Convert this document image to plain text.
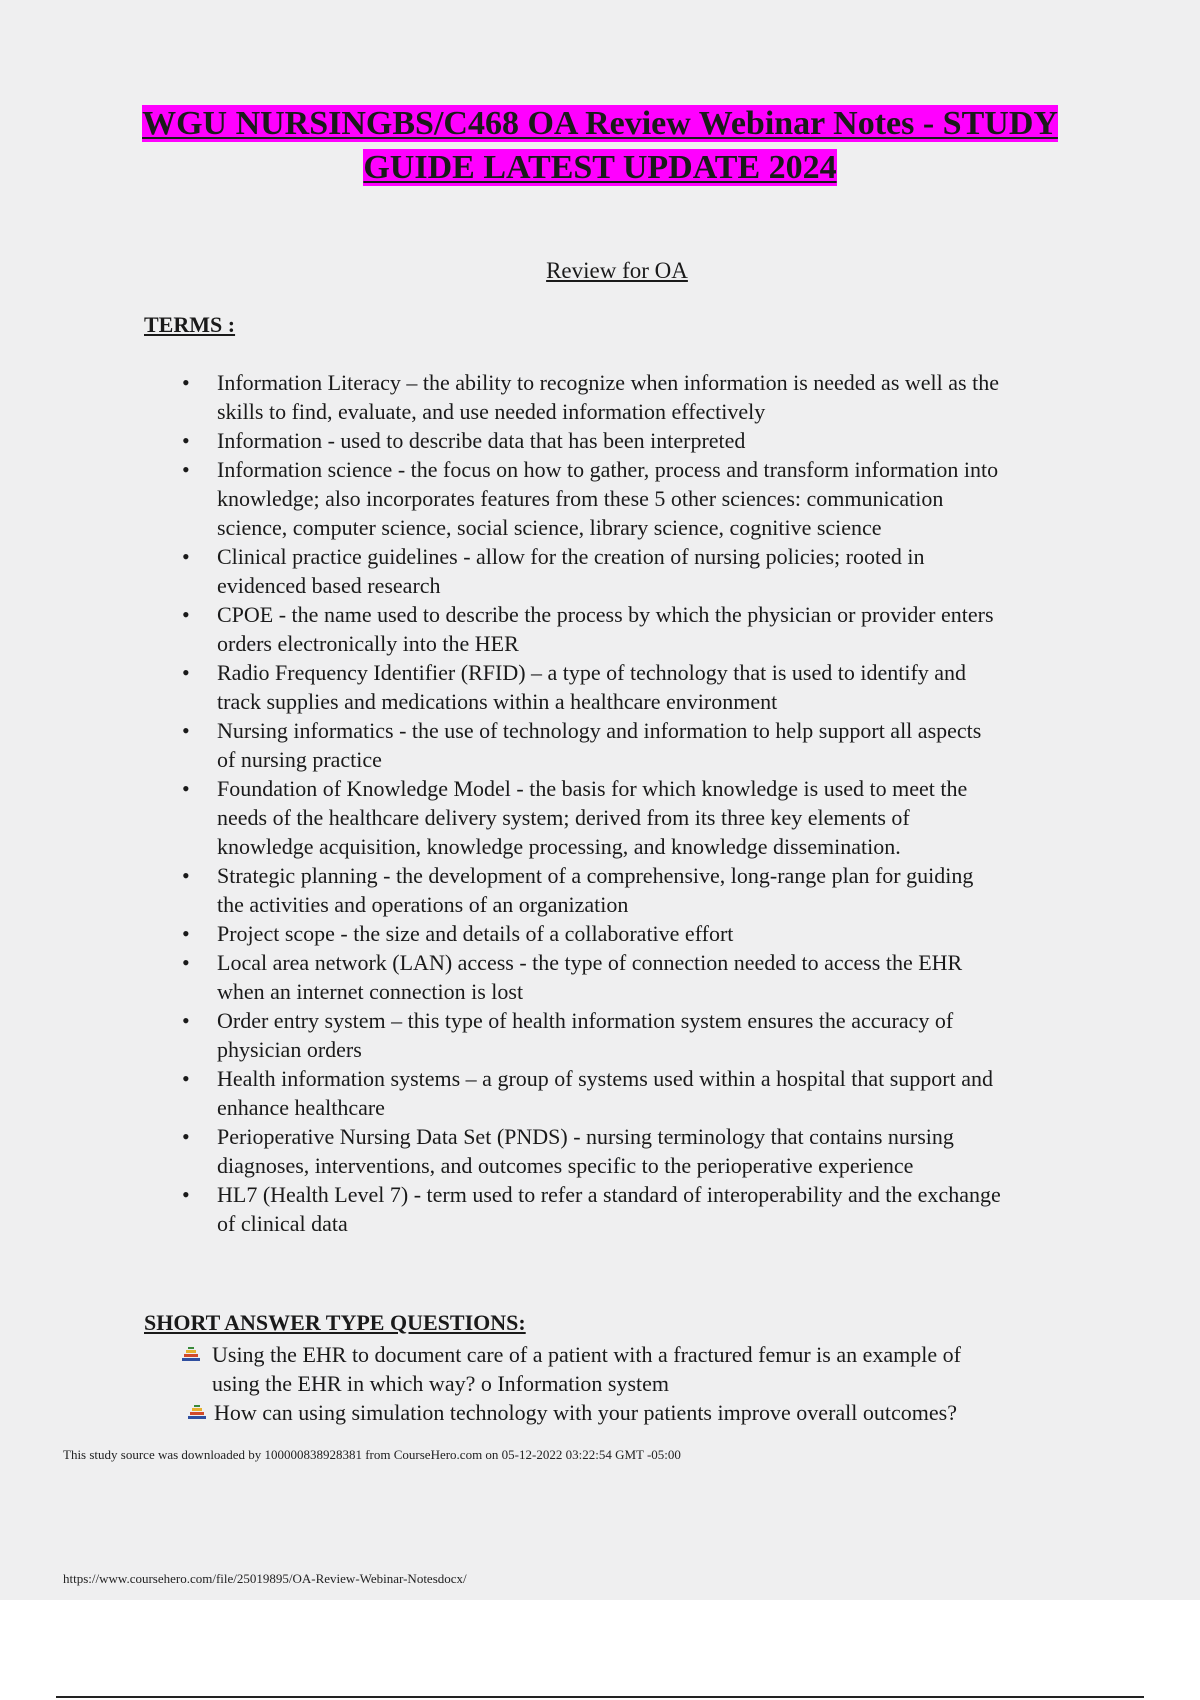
WGU NURSINGBS/C468 OA Review Webinar Notes - STUDY
GUIDE LATEST UPDATE 2024
Review for OA
TERMS :
• Information Literacy – the ability to recognize when information is needed as well as the
skills to find, evaluate, and use needed information effectively
• Information - used to describe data that has been interpreted
• Information science - the focus on how to gather, process and transform information into
knowledge; also incorporates features from these 5 other sciences: communication
science, computer science, social science, library science, cognitive science
• Clinical practice guidelines - allow for the creation of nursing policies; rooted in
evidenced based research
• CPOE - the name used to describe the process by which the physician or provider enters
orders electronically into the HER
• Radio Frequency Identifier (RFID) – a type of technology that is used to identify and
track supplies and medications within a healthcare environment
• Nursing informatics - the use of technology and information to help support all aspects
of nursing practice
• Foundation of Knowledge Model - the basis for which knowledge is used to meet the
needs of the healthcare delivery system; derived from its three key elements of
knowledge acquisition, knowledge processing, and knowledge dissemination.
• Strategic planning - the development of a comprehensive, long-range plan for guiding
the activities and operations of an organization
• Project scope - the size and details of a collaborative effort
• Local area network (LAN) access - the type of connection needed to access the EHR
when an internet connection is lost
• Order entry system – this type of health information system ensures the accuracy of
physician orders
• Health information systems – a group of systems used within a hospital that support and
enhance healthcare
• Perioperative Nursing Data Set (PNDS) - nursing terminology that contains nursing
diagnoses, interventions, and outcomes specific to the perioperative experience
• HL7 (Health Level 7) - term used to refer a standard of interoperability and the exchange
of clinical data
SHORT ANSWER TYPE QUESTIONS:
Using the EHR to document care of a patient with a fractured femur is an example of
using the EHR in which way? o Information system
How can using simulation technology with your patients improve overall outcomes?
This study source was downloaded by 100000838928381 from CourseHero.com on 05-12-2022 03:22:54 GMT -05:00
https://www.coursehero.com/file/25019895/OA-Review-Webinar-Notesdocx/
